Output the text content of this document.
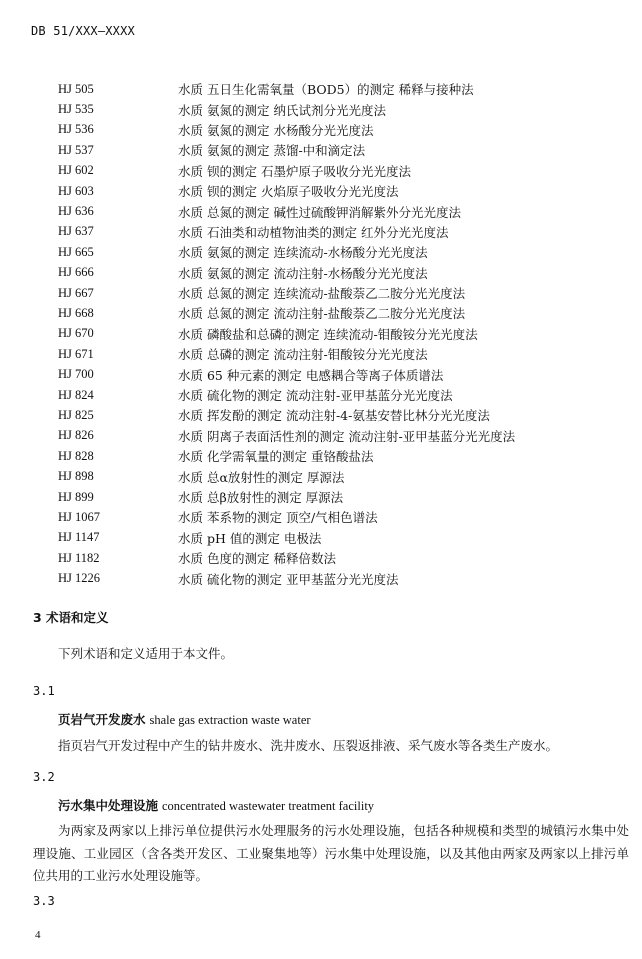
DB 51/XXX—XXXX
HJ 505	水质 五日生化需氧量（BOD5）的测定 稀释与接种法
HJ 535	水质 氨氮的测定 纳氏试剂分光光度法
HJ 536	水质 氨氮的测定 水杨酸分光光度法
HJ 537	水质 氨氮的测定 蒸馏-中和滴定法
HJ 602	水质 钡的测定 石墨炉原子吸收分光光度法
HJ 603	水质 钡的测定 火焰原子吸收分光光度法
HJ 636	水质 总氮的测定 碱性过硫酸钾消解紫外分光光度法
HJ 637	水质 石油类和动植物油类的测定 红外分光光度法
HJ 665	水质 氨氮的测定 连续流动-水杨酸分光光度法
HJ 666	水质 氨氮的测定 流动注射-水杨酸分光光度法
HJ 667	水质 总氮的测定 连续流动-盐酸萘乙二胺分光光度法
HJ 668	水质 总氮的测定 流动注射-盐酸萘乙二胺分光光度法
HJ 670	水质 磷酸盐和总磷的测定 连续流动-钼酸铵分光光度法
HJ 671	水质 总磷的测定 流动注射-钼酸铵分光光度法
HJ 700	水质 65 种元素的测定 电感耦合等离子体质谱法
HJ 824	水质 硫化物的测定 流动注射-亚甲基蓝分光光度法
HJ 825	水质 挥发酚的测定 流动注射-4-氨基安替比林分光光度法
HJ 826	水质 阴离子表面活性剂的测定 流动注射-亚甲基蓝分光光度法
HJ 828	水质 化学需氧量的测定 重铬酸盐法
HJ 898	水质 总α放射性的测定 厚源法
HJ 899	水质 总β放射性的测定 厚源法
HJ 1067	水质 苯系物的测定 顶空/气相色谱法
HJ 1147	水质 pH 值的测定 电极法
HJ 1182	水质 色度的测定 稀释倍数法
HJ 1226	水质 硫化物的测定 亚甲基蓝分光光度法
3 术语和定义
下列术语和定义适用于本文件。
3.1
页岩气开发废水 shale gas extraction waste water
指页岩气开发过程中产生的钻井废水、洗井废水、压裂返排液、采气废水等各类生产废水。
3.2
污水集中处理设施 concentrated wastewater treatment facility
为两家及两家以上排污单位提供污水处理服务的污水处理设施，包括各种规模和类型的城镇污水集中处理设施、工业园区（含各类开发区、工业聚集地等）污水集中处理设施，以及其他由两家及两家以上排污单位共用的工业污水处理设施等。
3.3
4
